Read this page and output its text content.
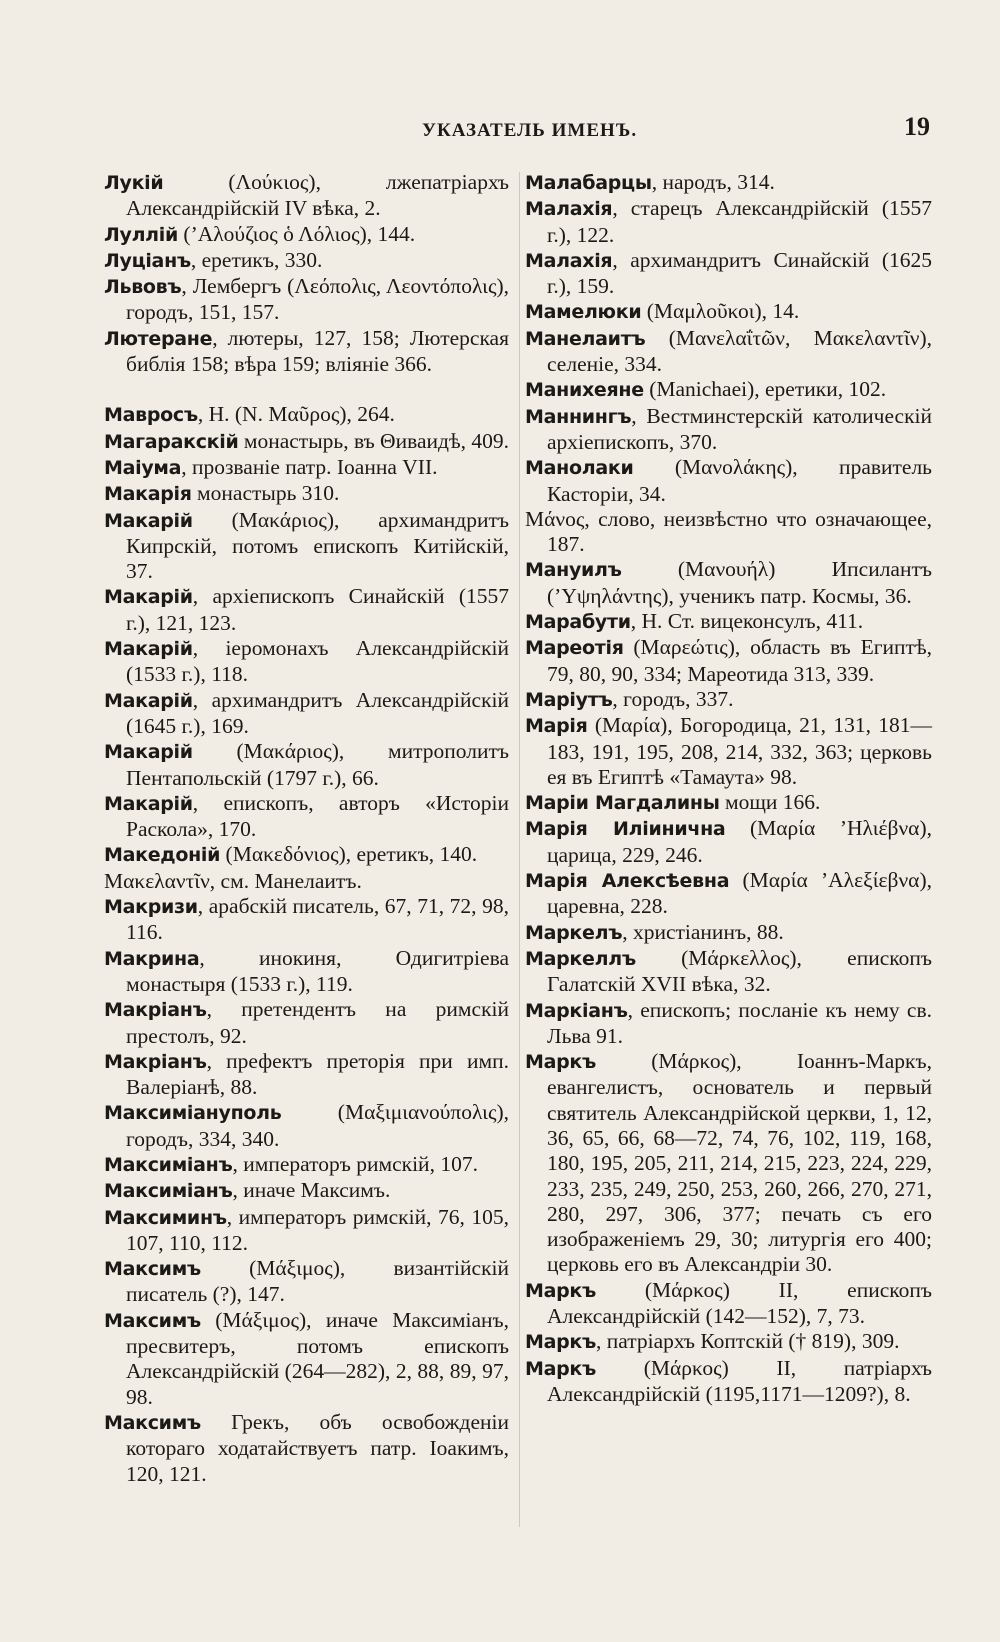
УКАЗАТЕЛЬ ИМЕНЪ.	19

Лукій (Λούκιος), лжепатріархъ Александрійскій IV вѣка, 2.

Луллій (’Αλούζιος ὁ Λόλιος), 144.

Луціанъ, еретикъ, 330.

Львовъ, Лембергъ (Λεόπολις, Λεοντόπολις), городъ, 151, 157.

Лютеране, лютеры, 127, 158; Лютерская библія 158; вѣра 159; вліяніе 366.

Мавросъ, Н. (N. Μαῦρος), 264.

Магаракскій монастырь, въ Θиваидѣ, 409.

Маіума, прозваніе патр. Іоанна VII.

Макарія монастырь 310.

Макарій (Μακάριος), архимандритъ Кипрскій, потомъ епископъ Китійскій, 37.

Макарій, архіепископъ Синайскій (1557 г.), 121, 123.

Макарій, іеромонахъ Александрійскій (1533 г.), 118.

Макарій, архимандритъ Александрійскій (1645 г.), 169.

Макарій (Μακάριος), митрополитъ Пентапольскій (1797 г.), 66.

Макарій, епископъ, авторъ «Исторіи Раскола», 170.

Македоній (Μακεδόνιος), еретикъ, 140.

Μακελαντῖν, см. Манелаитъ.

Макризи, арабскій писатель, 67, 71, 72, 98, 116.

Макрина, инокиня, Одигитріева монастыря (1533 г.), 119.

Макріанъ, претендентъ на римскій престолъ, 92.

Макріанъ, префектъ преторія при имп. Валеріанѣ, 88.

Максиміануполь (Μαξιμιανούπολις), городъ, 334, 340.

Максиміанъ, императоръ римскій, 107.

Максиміанъ, иначе Максимъ.

Максиминъ, императоръ римскій, 76, 105, 107, 110, 112.

Максимъ (Μάξιμος), византійскій писатель (?), 147.

Максимъ (Μάξιμος), иначе Максиміанъ, пресвитеръ, потомъ епископъ Александрійскій (264—282), 2, 88, 89, 97, 98.

Максимъ Грекъ, объ освобожденіи котораго ходатайствуетъ патр. Іоакимъ, 120, 121.

Малабарцы, народъ, 314.

Малахія, старецъ Александрійскій (1557 г.), 122.

Малахія, архимандритъ Синайскій (1625 г.), 159.

Мамелюки (Μαμλοῦκοι), 14.

Манелаитъ (Μανελαΐτῶν, Μακελαντῖν), селеніе, 334.

Манихеяне (Manichaei), еретики, 102.

Маннингъ, Вестминстерскій католическій архіепископъ, 370.

Манолаки (Μανολάκης), правитель Касторіи, 34.

Μάνος, слово, неизвѣстно что означающее, 187.

Мануилъ (Μανουήλ) Ипсилантъ (’Υψηλάντης), ученикъ патр. Космы, 36.

Марабути, Н. Ст. вицеконсулъ, 411.

Мареотія (Μαρεώτις), область въ Египтѣ, 79, 80, 90, 334; Мареотида 313, 339.

Маріутъ, городъ, 337.

Марія (Μαρία), Богородица, 21, 131, 181—183, 191, 195, 208, 214, 332, 363; церковь ея въ Египтѣ «Тамаута» 98.

Маріи Магдалины мощи 166.

Марія Иліинична (Μαρία ’Ηλιέβνα), царица, 229, 246.

Марія Алексѣевна (Μαρία ’Αλεξίεβνα), царевна, 228.

Маркелъ, христіанинъ, 88.

Маркеллъ (Μάρκελλος), епископъ Галатскій XVII вѣка, 32.

Маркіанъ, епископъ; посланіе къ нему св. Льва 91.

Маркъ (Μάρκος), Іоаннъ-Маркъ, евангелистъ, основатель и первый святитель Александрійской церкви, 1, 12, 36, 65, 66, 68—72, 74, 76, 102, 119, 168, 180, 195, 205, 211, 214, 215, 223, 224, 229, 233, 235, 249, 250, 253, 260, 266, 270, 271, 280, 297, 306, 377; печать съ его изображеніемъ 29, 30; литургія его 400; церковь его въ Александріи 30.

Маркъ (Μάρκος) II, епископъ Александрійскій (142—152), 7, 73.

Маркъ, патріархъ Коптскій († 819), 309.

Маркъ (Μάρκος) II, патріархъ Александрійскій (1195,1171—1209?), 8.
